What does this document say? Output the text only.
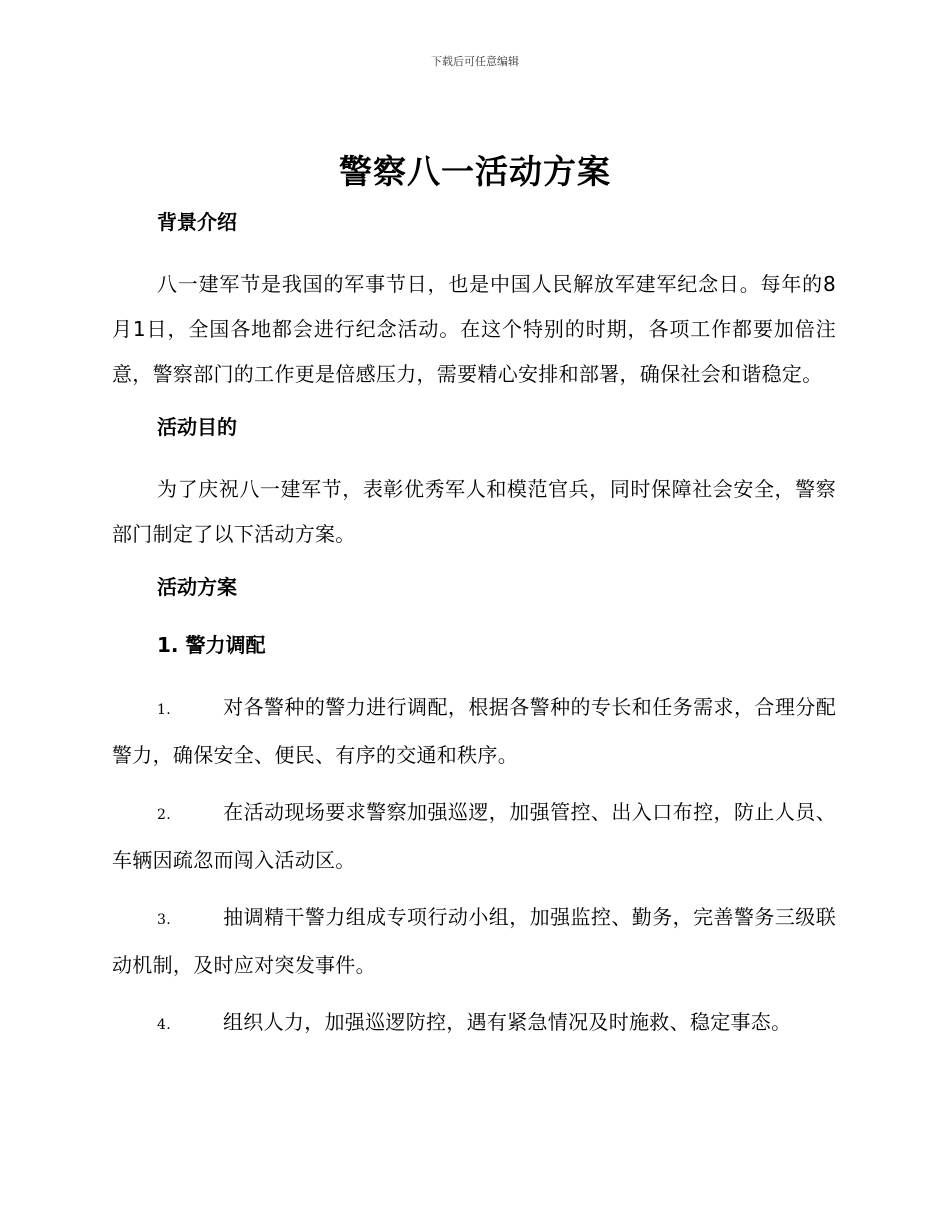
下载后可任意编辑
警察八一活动方案
背景介绍

八一建军节是我国的军事节日，也是中国人民解放军建军纪念日。每年的8月1日，全国各地都会进行纪念活动。在这个特别的时期，各项工作都要加倍注意，警察部门的工作更是倍感压力，需要精心安排和部署，确保社会和谐稳定。

活动目的

为了庆祝八一建军节，表彰优秀军人和模范官兵，同时保障社会安全，警察部门制定了以下活动方案。

活动方案
1. 警力调配

1.	对各警种的警力进行调配，根据各警种的专长和任务需求，合理分配警力，确保安全、便民、有序的交通和秩序。

2.	在活动现场要求警察加强巡逻，加强管控、出入口布控，防止人员、车辆因疏忽而闯入活动区。

3.	抽调精干警力组成专项行动小组，加强监控、勤务，完善警务三级联动机制，及时应对突发事件。

4.	组织人力，加强巡逻防控，遇有紧急情况及时施救、稳定事态。
